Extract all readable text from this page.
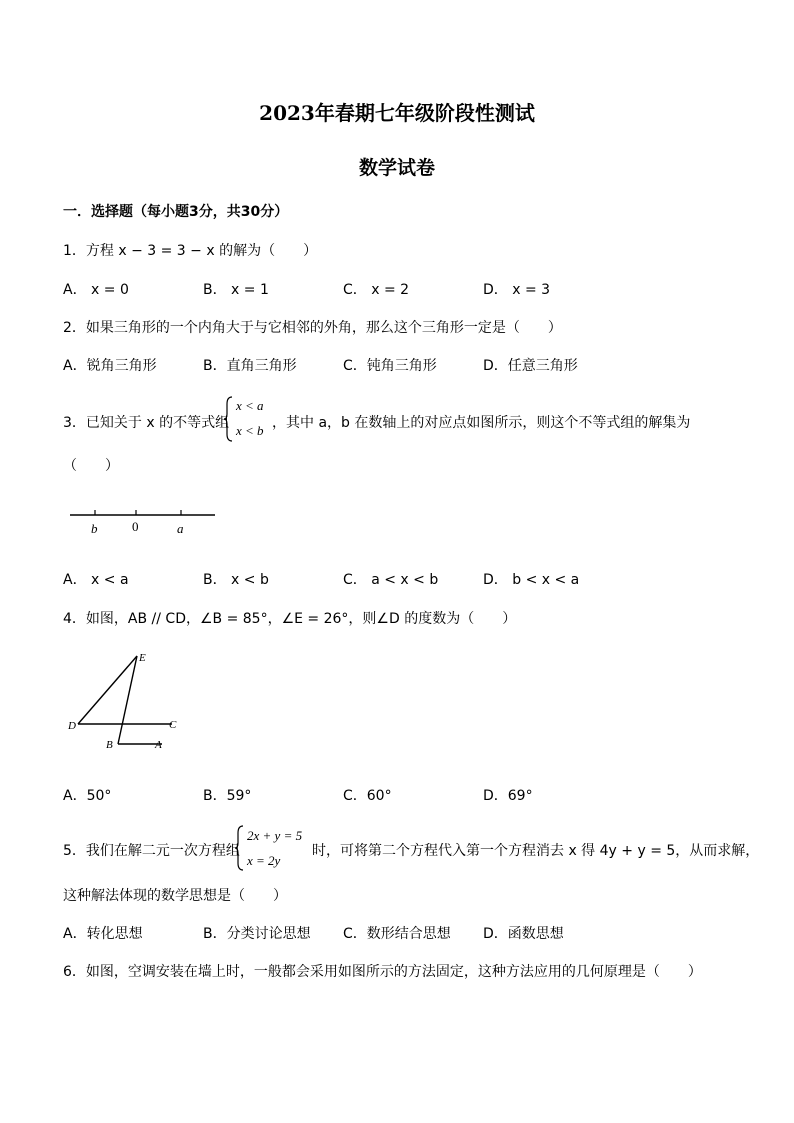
2023年春期七年级阶段性测试
数学试卷
一．选择题（每小题3分，共30分）
1．方程 x − 3 = 3 − x 的解为（　　）
A． x = 0	B． x = 1	C． x = 2	D． x = 3
2．如果三角形的一个内角大于与它相邻的外角，那么这个三角形一定是（　　）
A．锐角三角形	B．直角三角形	C．钝角三角形	D．任意三角形
3．已知关于 x 的不等式组
x < a
x < b ，其中 a，b 在数轴上的对应点如图所示，则这个不等式组的解集为
（　　）
b	0	a
A． x < a	B． x < b	C． a < x < b	D． b < x < a
4．如图，AB // CD，∠B = 85°，∠E = 26°，则∠D 的度数为（　　）
E
D	C
B	A
A．50°	B．59°	C．60°	D．69°
5．我们在解二元一次方程组
2x + y = 5
x = 2y
时，可将第二个方程代入第一个方程消去 x 得 4y + y = 5，从而求解，
这种解法体现的数学思想是（　　）
A．转化思想	B．分类讨论思想 C．数形结合思想 D．函数思想
6．如图，空调安装在墙上时，一般都会采用如图所示的方法固定，这种方法应用的几何原理是（　　）
